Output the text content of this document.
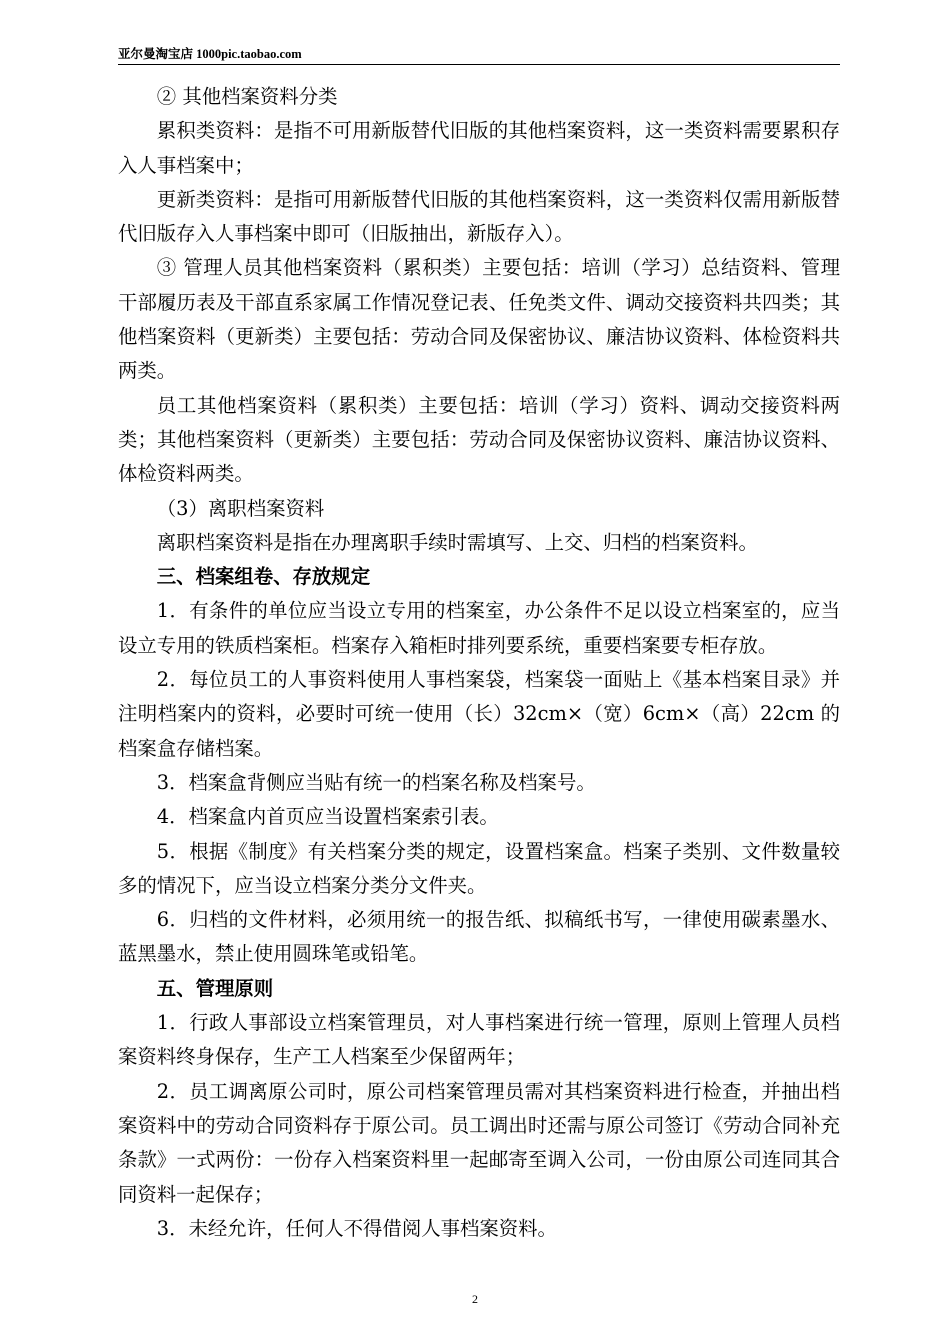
亚尔曼淘宝店 1000pic.taobao.com

② 其他档案资料分类

累积类资料：是指不可用新版替代旧版的其他档案资料，这一类资料需要累积存入人事档案中；

更新类资料：是指可用新版替代旧版的其他档案资料，这一类资料仅需用新版替代旧版存入人事档案中即可（旧版抽出，新版存入）。

③ 管理人员其他档案资料（累积类）主要包括：培训（学习）总结资料、管理干部履历表及干部直系家属工作情况登记表、任免类文件、调动交接资料共四类；其他档案资料（更新类）主要包括：劳动合同及保密协议、廉洁协议资料、体检资料共两类。

员工其他档案资料（累积类）主要包括：培训（学习）资料、调动交接资料两类；其他档案资料（更新类）主要包括：劳动合同及保密协议资料、廉洁协议资料、体检资料两类。

（3）离职档案资料

离职档案资料是指在办理离职手续时需填写、上交、归档的档案资料。

三、档案组卷、存放规定

1．有条件的单位应当设立专用的档案室，办公条件不足以设立档案室的，应当设立专用的铁质档案柜。档案存入箱柜时排列要系统，重要档案要专柜存放。

2．每位员工的人事资料使用人事档案袋，档案袋一面贴上《基本档案目录》并注明档案内的资料，必要时可统一使用（长）32cm×（宽）6cm×（高）22cm 的档案盒存储档案。

3．档案盒背侧应当贴有统一的档案名称及档案号。

4．档案盒内首页应当设置档案索引表。

5．根据《制度》有关档案分类的规定，设置档案盒。档案子类别、文件数量较多的情况下，应当设立档案分类分文件夹。

6．归档的文件材料，必须用统一的报告纸、拟稿纸书写，一律使用碳素墨水、蓝黑墨水，禁止使用圆珠笔或铅笔。

五、管理原则

1．行政人事部设立档案管理员，对人事档案进行统一管理，原则上管理人员档案资料终身保存，生产工人档案至少保留两年；

2．员工调离原公司时，原公司档案管理员需对其档案资料进行检查，并抽出档案资料中的劳动合同资料存于原公司。员工调出时还需与原公司签订《劳动合同补充条款》一式两份：一份存入档案资料里一起邮寄至调入公司，一份由原公司连同其合同资料一起保存；

3．未经允许，任何人不得借阅人事档案资料。

2
